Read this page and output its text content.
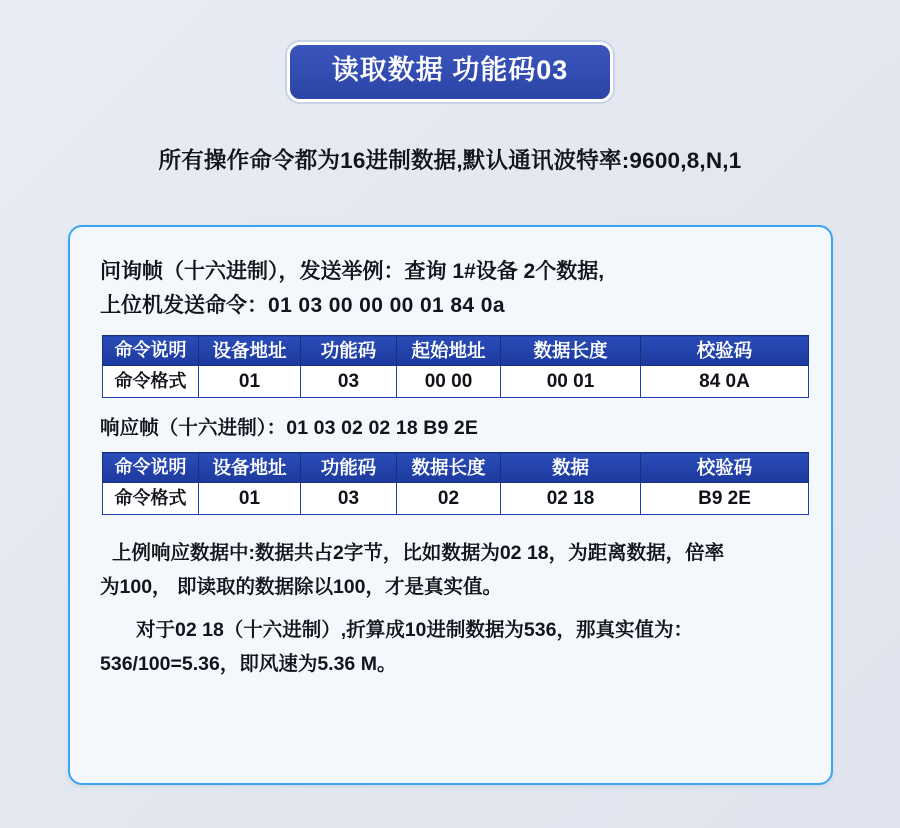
读取数据 功能码03
所有操作命令都为16进制数据,默认通讯波特率:9600,8,N,1
问询帧（十六进制），发送举例：查询 1#设备 2个数据,
上位机发送命令：01 03 00 00 00 01 84 0a
命令说明	设备地址	功能码	起始地址	数据长度	校验码
命令格式	01	03	00 00	00 01	84 0A
响应帧（十六进制）：01 03 02 02 18 B9 2E
命令说明	设备地址	功能码	数据长度	数据	校验码
命令格式	01	03	02	02 18	B9 2E
上例响应数据中:数据共占2字节，比如数据为02 18，为距离数据，倍率
为100， 即读取的数据除以100，才是真实值。
对于02 18（十六进制）,折算成10进制数据为536，那真实值为：
536/100=5.36，即风速为5.36 M。
